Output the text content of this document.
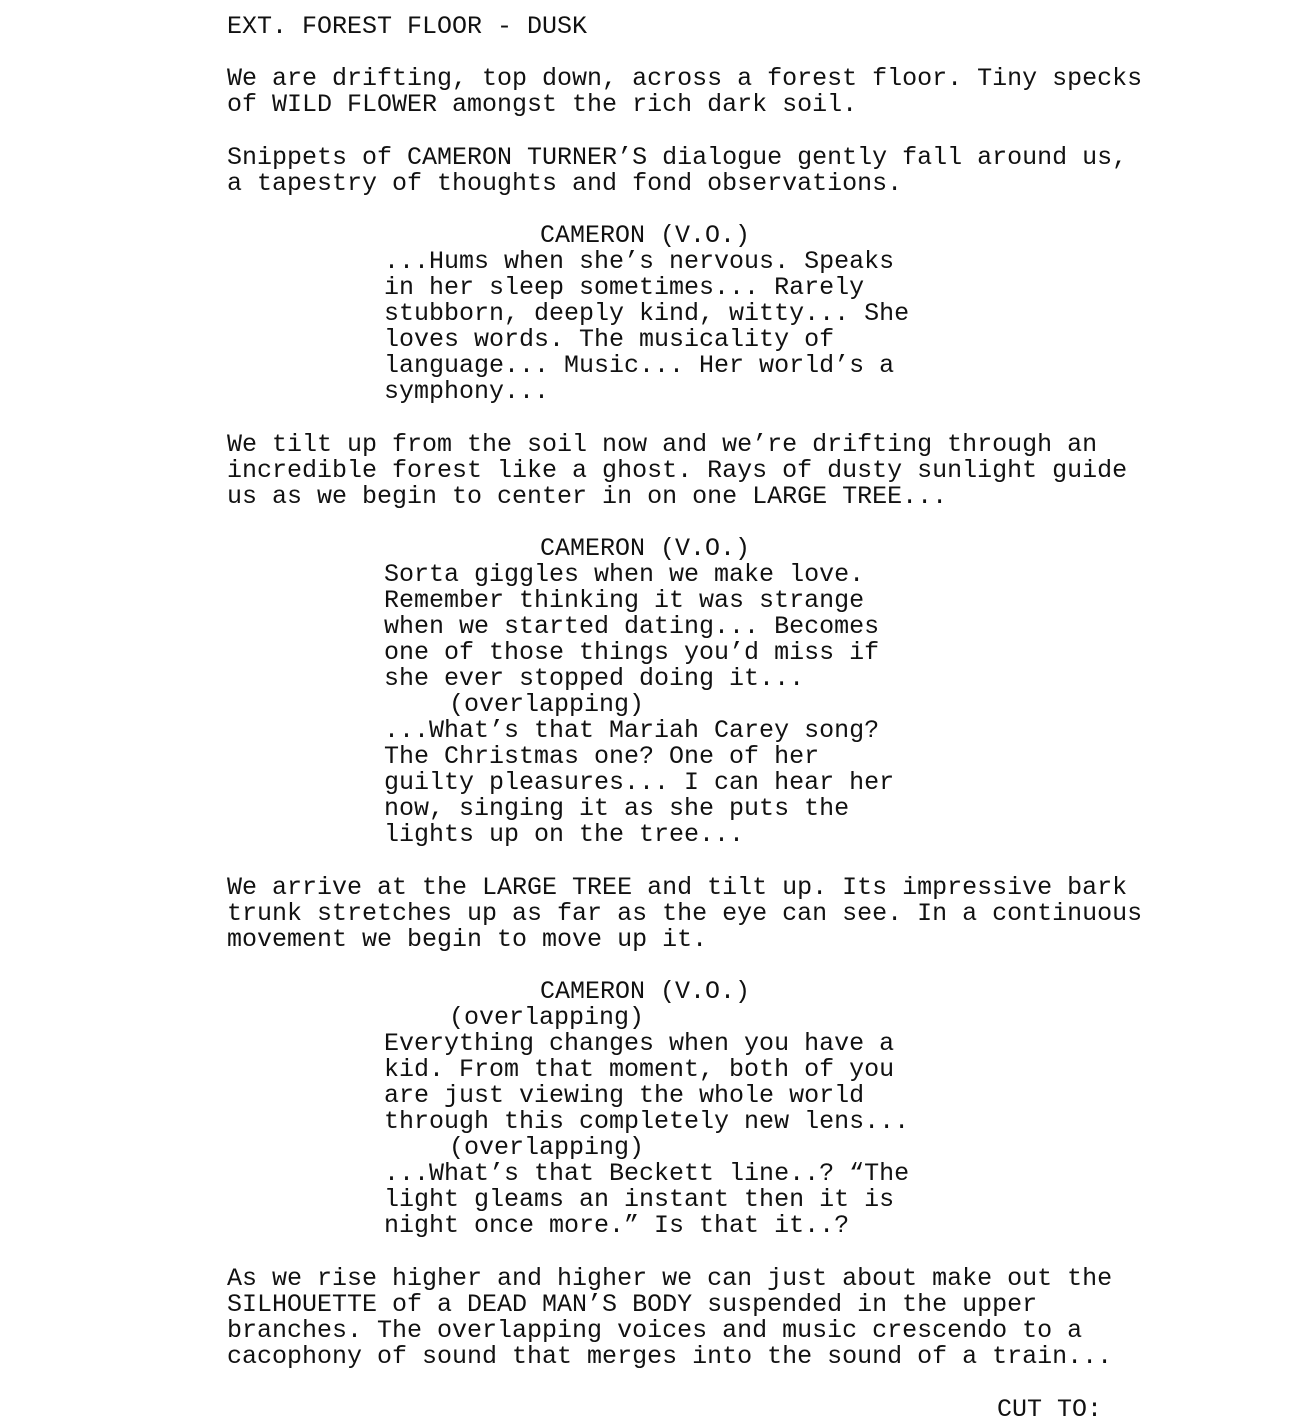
EXT. FOREST FLOOR - DUSK
We are drifting, top down, across a forest floor. Tiny specks
of WILD FLOWER amongst the rich dark soil.
Snippets of CAMERON TURNER’S dialogue gently fall around us,
a tapestry of thoughts and fond observations.
CAMERON (V.O.)
...Hums when she’s nervous. Speaks
in her sleep sometimes... Rarely
stubborn, deeply kind, witty... She
loves words. The musicality of
language... Music... Her world’s a
symphony...
We tilt up from the soil now and we’re drifting through an
incredible forest like a ghost. Rays of dusty sunlight guide
us as we begin to center in on one LARGE TREE...
CAMERON (V.O.)
Sorta giggles when we make love.
Remember thinking it was strange
when we started dating... Becomes
one of those things you’d miss if
she ever stopped doing it...
(overlapping)
...What’s that Mariah Carey song?
The Christmas one? One of her
guilty pleasures... I can hear her
now, singing it as she puts the
lights up on the tree...
We arrive at the LARGE TREE and tilt up. Its impressive bark
trunk stretches up as far as the eye can see. In a continuous
movement we begin to move up it.
CAMERON (V.O.)
(overlapping)
Everything changes when you have a
kid. From that moment, both of you
are just viewing the whole world
through this completely new lens...
(overlapping)
...What’s that Beckett line..? “The
light gleams an instant then it is
night once more.” Is that it..?
As we rise higher and higher we can just about make out the
SILHOUETTE of a DEAD MAN’S BODY suspended in the upper
branches. The overlapping voices and music crescendo to a
cacophony of sound that merges into the sound of a train...
CUT TO:
